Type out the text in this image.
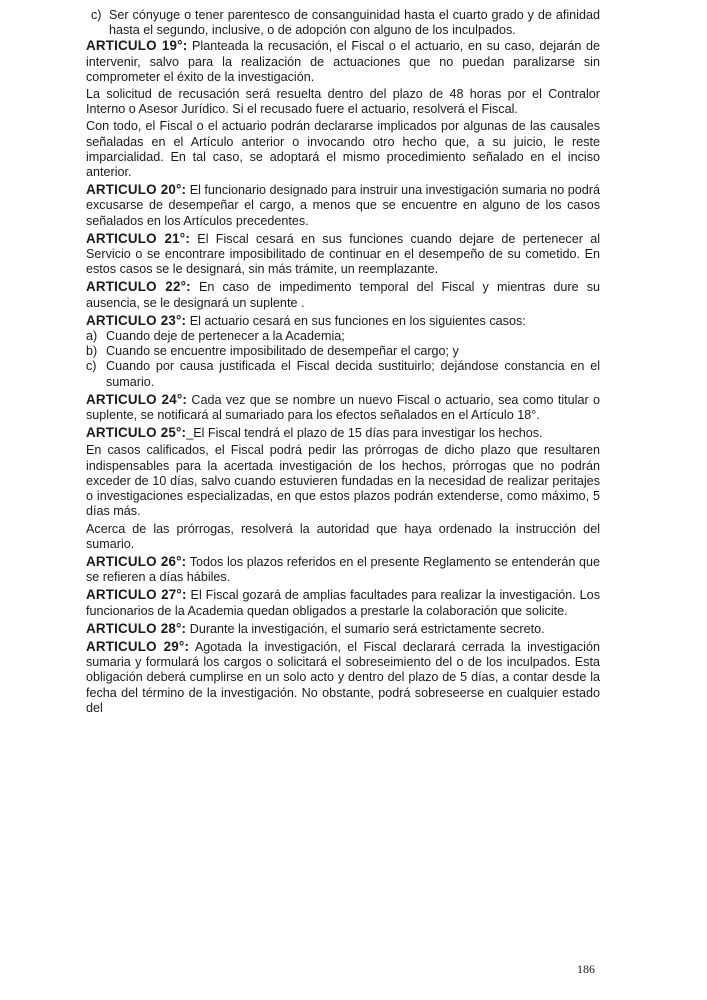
c) Ser cónyuge o tener parentesco de consanguinidad hasta el cuarto grado y de afinidad hasta el segundo, inclusive, o de adopción con alguno de los inculpados.

ARTICULO 19°: Planteada la recusación, el Fiscal o el actuario, en su caso, dejarán de intervenir, salvo para la realización de actuaciones que no puedan paralizarse sin comprometer el éxito de la investigación.

La solicitud de recusación será resuelta dentro del plazo de 48 horas por el Contralor Interno o Asesor Jurídico. Si el recusado fuere el actuario, resolverá el Fiscal.

Con todo, el Fiscal o el actuario podrán declararse implicados por algunas de las causales señaladas en el Artículo anterior o invocando otro hecho que, a su juicio, le reste imparcialidad. En tal caso, se adoptará el mismo procedimiento señalado en el inciso anterior.

ARTICULO 20°: El funcionario designado para instruir una investigación sumaria no podrá excusarse de desempeñar el cargo, a menos que se encuentre en alguno de los casos señalados en los Artículos precedentes.

ARTICULO 21°: El Fiscal cesará en sus funciones cuando dejare de pertenecer al Servicio o se encontrare imposibilitado de continuar en el desempeño de su cometido. En estos casos se le designará, sin más trámite, un reemplazante.

ARTICULO 22°: En caso de impedimento temporal del Fiscal y mientras dure su ausencia, se le designará un suplente .

ARTICULO 23°: El actuario cesará en sus funciones en los siguientes casos:

a) Cuando deje de pertenecer a la Academia;
b) Cuando se encuentre imposibilitado de desempeñar el cargo; y
c) Cuando por causa justificada el Fiscal decida sustituirlo; dejándose constancia en el sumario.

ARTICULO 24°: Cada vez que se nombre un nuevo Fiscal o actuario, sea como titular o suplente, se notificará al sumariado para los efectos señalados en el Artículo 18°.

ARTICULO 25°:_El Fiscal tendrá el plazo de 15 días para investigar los hechos.

En casos calificados, el Fiscal podrá pedir las prórrogas de dicho plazo que resultaren indispensables para la acertada investigación de los hechos, prórrogas que no podrán exceder de 10 días, salvo cuando estuvieren fundadas en la necesidad de realizar peritajes o investigaciones especializadas, en que estos plazos podrán extenderse, como máximo, 5 días más.

Acerca de las prórrogas, resolverá la autoridad que haya ordenado la instrucción del sumario.

ARTICULO 26°: Todos los plazos referidos en el presente Reglamento se entenderán que se refieren a días hábiles.

ARTICULO 27°: El Fiscal gozará de amplias facultades para realizar la investigación. Los funcionarios de la Academia quedan obligados a prestarle la colaboración que solicite.

ARTICULO 28°: Durante la investigación, el sumario será estrictamente secreto.

ARTICULO 29°: Agotada la investigación, el Fiscal declarará cerrada la investigación sumaria y formulará los cargos o solicitará el sobreseimiento del o de los inculpados. Esta obligación deberá cumplirse en un solo acto y dentro del plazo de 5 días, a contar desde la fecha del término de la investigación. No obstante, podrá sobreseerse en cualquier estado del

186
